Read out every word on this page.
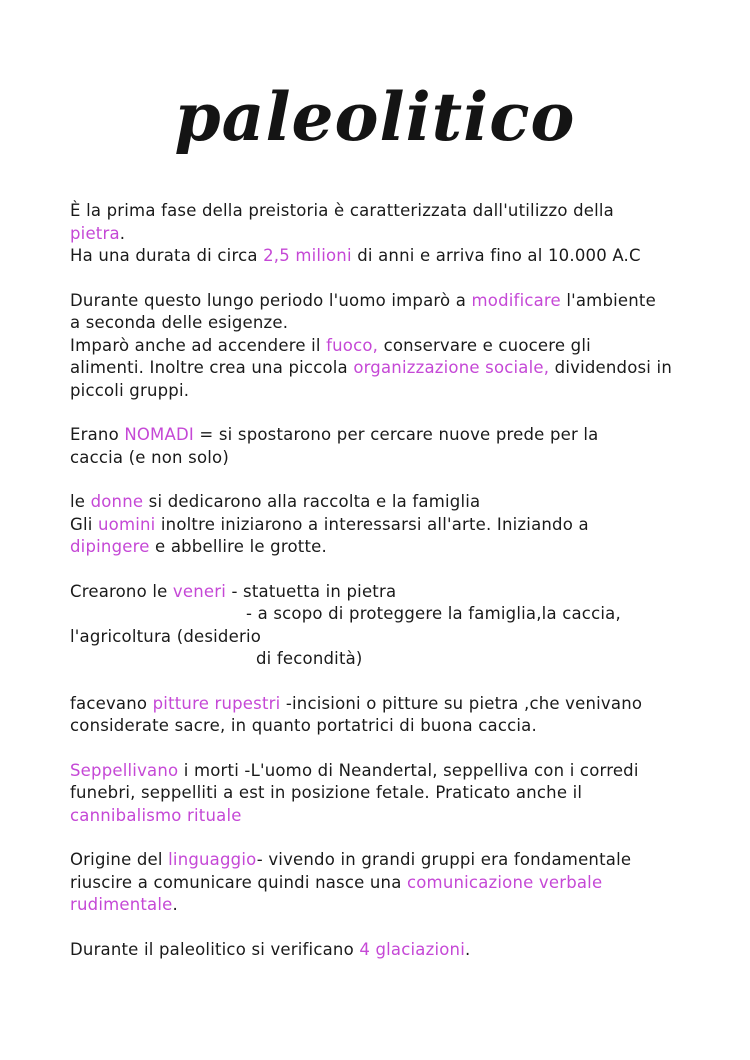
paleolitico
È la prima fase della preistoria è caratterizzata dall'utilizzo della
pietra.
Ha una durata di circa 2,5 milioni di anni e arriva fino al 10.000 A.C
Durante questo lungo periodo l'uomo imparò a modificare l'ambiente
a seconda delle esigenze.
Imparò anche ad accendere il fuoco, conservare e cuocere gli
alimenti. Inoltre crea una piccola organizzazione sociale, dividendosi in
piccoli gruppi.
Erano NOMADI = si spostarono per cercare nuove prede per la
caccia (e non solo)
le donne si dedicarono alla raccolta e la famiglia
Gli uomini inoltre iniziarono a interessarsi all'arte. Iniziando a
dipingere e abbellire le grotte.
Crearono le veneri - statuetta in pietra
- a scopo di proteggere la famiglia,la caccia,
l'agricoltura (desiderio
di fecondità)
facevano pitture rupestri -incisioni o pitture su pietra ,che venivano
considerate sacre, in quanto portatrici di buona caccia.
Seppellivano i morti -L'uomo di Neandertal, seppelliva con i corredi
funebri, seppelliti a est in posizione fetale. Praticato anche il
cannibalismo rituale
Origine del linguaggio- vivendo in grandi gruppi era fondamentale
riuscire a comunicare quindi nasce una comunicazione verbale
rudimentale.
Durante il paleolitico si verificano 4 glaciazioni.
